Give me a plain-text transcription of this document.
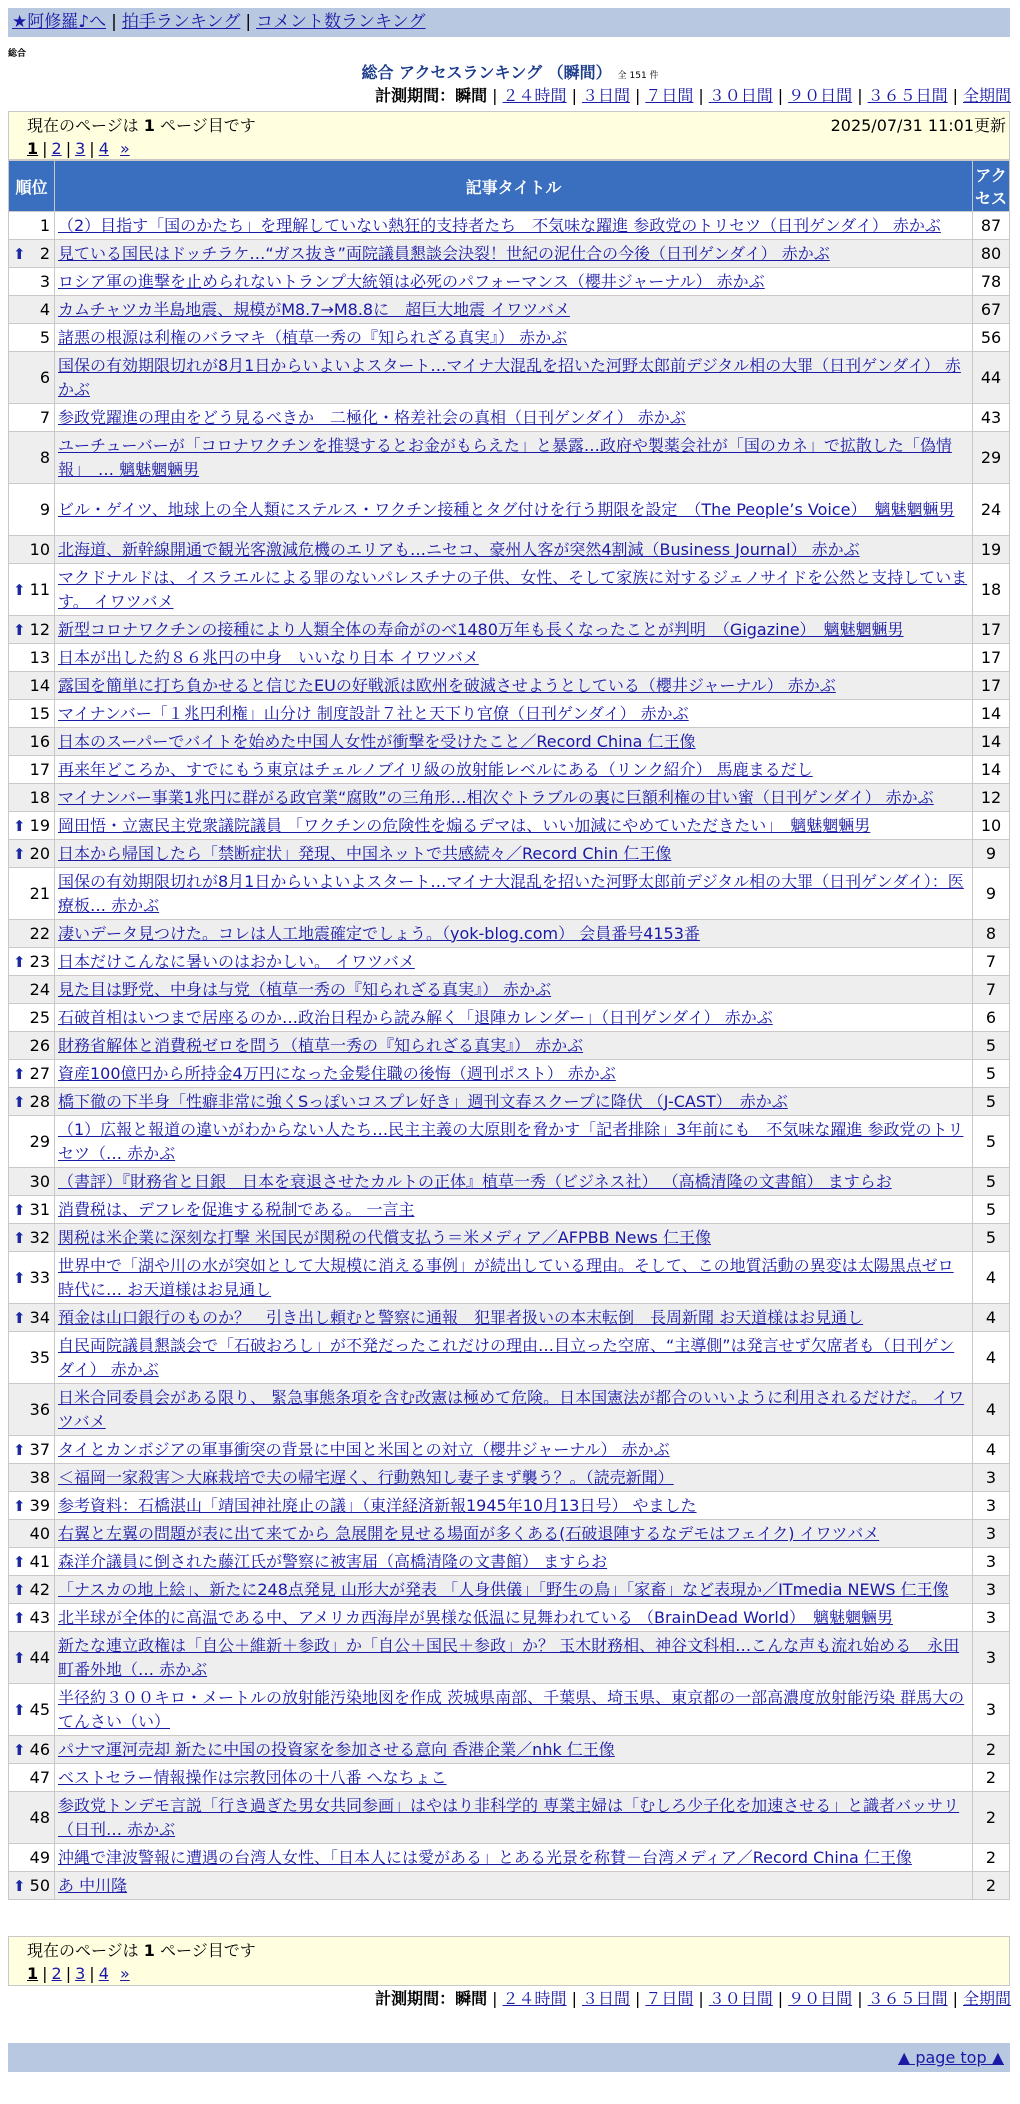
★阿修羅♪へ | 拍手ランキング | コメント数ランキング
総合
総合 アクセスランキング （瞬間） 全 151 件
計測期間：瞬間 | ２４時間 | ３日間 | ７日間 | ３０日間 | ９０日間 | ３６５日間 | 全期間
現在のページは 1 ページ目です	2025/07/31 11:01更新
1 | 2 | 3 | 4 »
順位	記事タイトル	アクセス
1	（2）目指す「国のかたち」を理解していない熱狂的支持者たち　不気味な躍進 参政党のトリセツ（日刊ゲンダイ） 赤かぶ	87

⬆ 2	見ている国民はドッチラケ…“ガス抜き”両院議員懇談会決裂！世紀の泥仕合の今後（日刊ゲンダイ） 赤かぶ	80
3	ロシア軍の進撃を止められないトランプ大統領は必死のパフォーマンス（櫻井ジャーナル） 赤かぶ	78
4	カムチャツカ半島地震、規模がM8.7→M8.8に　超巨大地震 イワツバメ	67
5	諸悪の根源は利権のバラマキ（植草一秀の『知られざる真実』） 赤かぶ	56
6	国保の有効期限切れが8月1日からいよいよスタート…マイナ大混乱を招いた河野太郎前デジタル相の大罪（日刊ゲンダイ） 赤かぶ	44
7	参政党躍進の理由をどう見るべきか　二極化・格差社会の真相（日刊ゲンダイ） 赤かぶ	43
8	ユーチューバーが「コロナワクチンを推奨するとお金がもらえた」と暴露…政府や製薬会社が「国のカネ」で拡散した「偽情報」　… 魑魅魍魎男	29
9	ビル・ゲイツ、地球上の全人類にステルス・ワクチン接種とタグ付けを行う期限を設定　（The People’s Voice）　魑魅魍魎男	24
10	北海道、新幹線開通で観光客激減危機のエリアも…ニセコ、豪州人客が突然4割減（Business Journal） 赤かぶ	19

⬆ 11	マクドナルドは、イスラエルによる罪のないパレスチナの子供、女性、そして家族に対するジェノサイドを公然と支持しています。 イワツバメ	18

⬆ 12	新型コロナワクチンの接種により人類全体の寿命がのべ1480万年も長くなったことが判明　（Gigazine）　魑魅魍魎男	17
13	日本が出した約８６兆円の中身　いいなり日本 イワツバメ	17
14	露国を簡単に打ち負かせると信じたEUの好戦派は欧州を破滅させようとしている（櫻井ジャーナル） 赤かぶ	17
15	マイナンバー「１兆円利権」山分け 制度設計７社と天下り官僚（日刊ゲンダイ） 赤かぶ	14
16	日本のスーパーでバイトを始めた中国人女性が衝撃を受けたこと／Record China 仁王像	14
17	再来年どころか、すでにもう東京はチェルノブイリ級の放射能レベルにある（リンク紹介） 馬鹿まるだし	14
18	マイナンバー事業1兆円に群がる政官業“腐敗”の三角形…相次ぐトラブルの裏に巨額利権の甘い蜜（日刊ゲンダイ） 赤かぶ	12

⬆ 19	岡田悟・立憲民主党衆議院議員 「ワクチンの危険性を煽るデマは、いい加減にやめていただきたい」　魑魅魍魎男	10

⬆ 20	日本から帰国したら「禁断症状」発現、中国ネットで共感続々／Record Chin 仁王像	9
21	国保の有効期限切れが8月1日からいよいよスタート…マイナ大混乱を招いた河野太郎前デジタル相の大罪（日刊ゲンダイ）：医療板… 赤かぶ	9
22	凄いデータ見つけた。コレは人工地震確定でしょう。（yok-blog.com） 会員番号4153番	8

⬆ 23	日本だけこんなに暑いのはおかしい。 イワツバメ	7
24	見た目は野党、中身は与党（植草一秀の『知られざる真実』） 赤かぶ	7
25	石破首相はいつまで居座るのか…政治日程から読み解く「退陣カレンダー」（日刊ゲンダイ） 赤かぶ	6
26	財務省解体と消費税ゼロを問う（植草一秀の『知られざる真実』） 赤かぶ	5

⬆ 27	資産100億円から所持金4万円になった金髪住職の後悔（週刊ポスト） 赤かぶ	5

⬆ 28	橋下徹の下半身「性癖非常に強くSっぽいコスプレ好き」週刊文春スクープに降伏 （J-CAST）　赤かぶ	5
29	（1）広報と報道の違いがわからない人たち…民主主義の大原則を脅かす「記者排除」3年前にも　不気味な躍進 参政党のトリセツ（… 赤かぶ	5
30	（書評）『財務省と日銀　日本を衰退させたカルトの正体』植草一秀（ビジネス社） （高橋清隆の文書館） ますらお	5

⬆ 31	消費税は、デフレを促進する税制である。 一言主	5

⬆ 32	関税は米企業に深刻な打撃 米国民が関税の代償支払う＝米メディア／AFPBB News 仁王像	5

⬆ 33	世界中で「湖や川の水が突如として大規模に消える事例」が続出している理由。そして、この地質活動の異変は太陽黒点ゼロ時代に… お天道様はお見通し	4

⬆ 34	預金は山口銀行のものか？　引き出し頼むと警察に通報　犯罪者扱いの本末転倒　長周新聞 お天道様はお見通し	4
35	自民両院議員懇談会で「石破おろし」が不発だったこれだけの理由…目立った空席、“主導側”は発言せず欠席者も（日刊ゲンダイ） 赤かぶ	4
36	日米合同委員会がある限り、 緊急事態条項を含む改憲は極めて危険。日本国憲法が都合のいいように利用されるだけだ。 イワツバメ	4

⬆ 37	タイとカンボジアの軍事衝突の背景に中国と米国との対立（櫻井ジャーナル） 赤かぶ	4
38	＜福岡一家殺害＞大麻栽培で夫の帰宅遅く、行動熟知し妻子まず襲う？。（読売新聞）	3

⬆ 39	参考資料：石橋湛山「靖国神社廃止の議」（東洋経済新報1945年10月13日号） やました	3
40	右翼と左翼の問題が表に出て来てから 急展開を見せる場面が多くある(石破退陣するなデモはフェイク) イワツバメ	3

⬆ 41	森洋介議員に倒された藤江氏が警察に被害届（高橋清隆の文書館） ますらお	3

⬆ 42	「ナスカの地上絵」、新たに248点発見 山形大が発表 「人身供儀」「野生の鳥」「家畜」など表現か／ITmedia NEWS 仁王像	3

⬆ 43	北半球が全体的に高温である中、アメリカ西海岸が異様な低温に見舞われている （BrainDead World）　魑魅魍魎男	3

⬆ 44	新たな連立政権は「自公＋維新＋参政」か「自公＋国民＋参政」か？ 玉木財務相、神谷文科相…こんな声も流れ始める　永田町番外地（… 赤かぶ	3

⬆ 45	半径約３００キロ・メートルの放射能汚染地図を作成 茨城県南部、千葉県、埼玉県、東京都の一部高濃度放射能汚染 群馬大のてんさい（い）	3

⬆ 46	パナマ運河売却 新たに中国の投資家を参加させる意向 香港企業／nhk 仁王像	2
47	ベストセラー情報操作は宗教団体の十八番 へなちょこ	2
48	参政党トンデモ言説「行き過ぎた男女共同参画」はやはり非科学的 専業主婦は「むしろ少子化を加速させる」と識者バッサリ（日刊… 赤かぶ	2
49	沖縄で津波警報に遭遇の台湾人女性、「日本人には愛がある」とある光景を称賛－台湾メディア／Record China 仁王像	2

⬆ 50	あ 中川隆	2
現在のページは 1 ページ目です
1 | 2 | 3 | 4 »
計測期間：瞬間 | ２４時間 | ３日間 | ７日間 | ３０日間 | ９０日間 | ３６５日間 | 全期間
▲ page top ▲
